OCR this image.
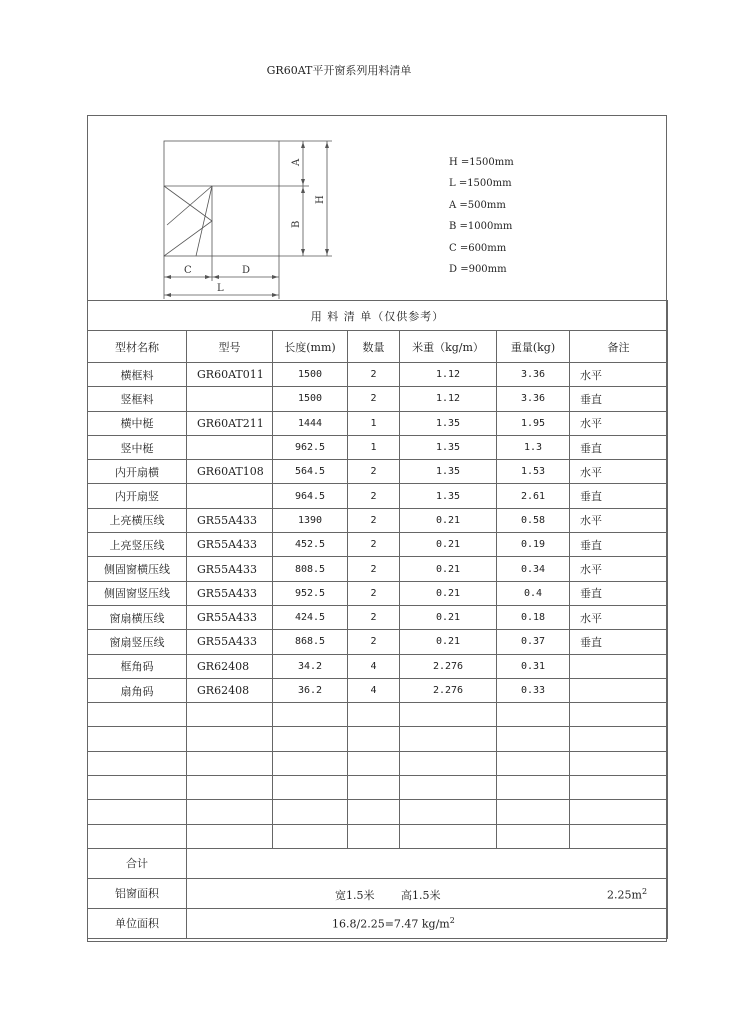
GR60AT平开窗系列用料清单
A
B
H
C	D
L
H =1500mm
L =1500mm
A =500mm
B =1000mm
C =600mm
D =900mm
用 料 清 单（仅供参考）						
型材名称	型号	长度(mm)	数量	米重（kg/m）	重量(kg)	备注
横框料	GR60AT011	1500	2	1.12	3.36	水平
竖框料		1500	2	1.12	3.36	垂直
横中梃	GR60AT211	1444	1	1.35	1.95	水平
竖中梃		962.5	1	1.35	1.3	垂直
内开扇横	GR60AT108	564.5	2	1.35	1.53	水平
内开扇竖		964.5	2	1.35	2.61	垂直
上亮横压线	GR55A433	1390	2	0.21	0.58	水平
上亮竖压线	GR55A433	452.5	2	0.21	0.19	垂直
侧固窗横压线	GR55A433	808.5	2	0.21	0.34	水平
侧固窗竖压线	GR55A433	952.5	2	0.21	0.4	垂直
窗扇横压线	GR55A433	424.5	2	0.21	0.18	水平
窗扇竖压线	GR55A433	868.5	2	0.21	0.37	垂直
框角码	GR62408	34.2	4	2.276	0.31	
扇角码	GR62408	36.2	4	2.276	0.33	

合计						
铝窗面积	宽1.5米 高1.5米 $2.25m^2$

单位面积	16.8/2.25=7.47 $kg/m^2$
